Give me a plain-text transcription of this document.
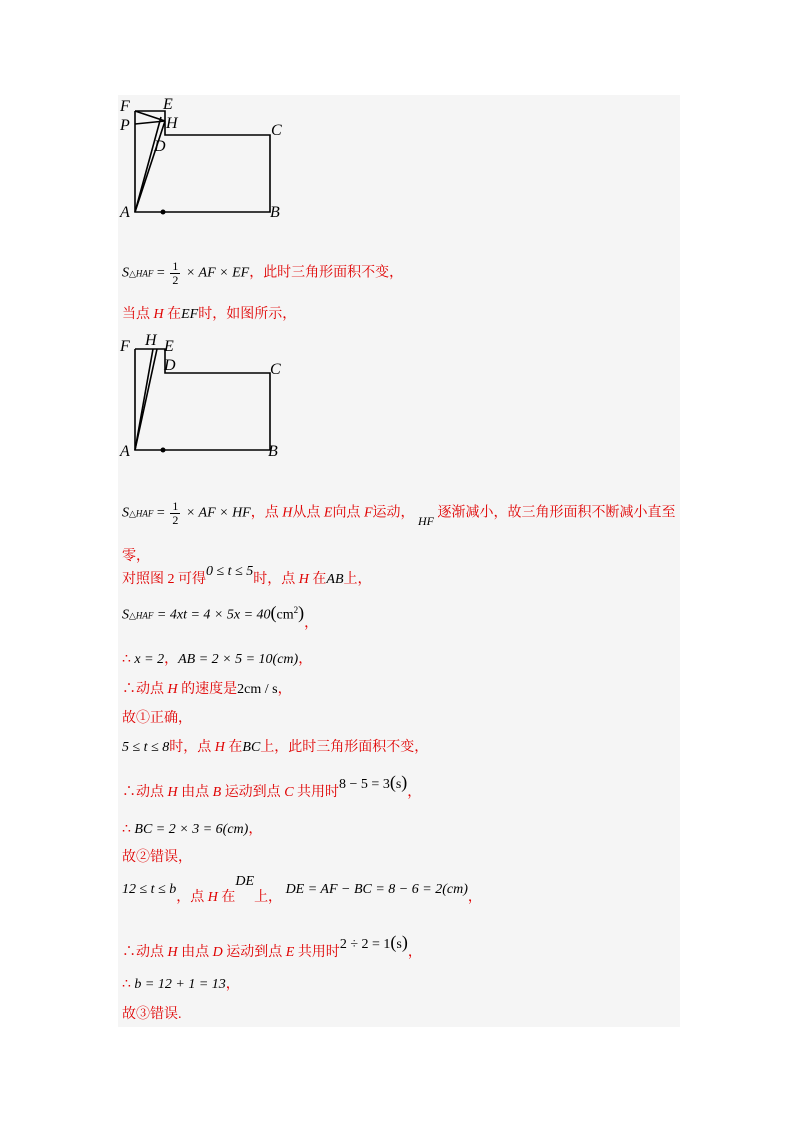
F E
P H
D
C
A	B
S△HAF = $\frac{1}{2}$ × AF × EF，此时三角形面积不变，
当点 H 在EF时，如图所示，
F H E
D	C
A	B
S△HAF = $\frac{1}{2}$ × AF × HF，点 H从点 E向点 F运动， HF 逐渐减小，故三角形面积不断减小直至
零，
对照图 2 可得0 ≤ t ≤ 5时，点 H 在AB上，
S△HAF = $4xt = 4 \times 5x = 40(cm^2)$，
∴ x = 2，AB = 2 × 5 = 10(cm)，
∴动点 H 的速度是2cm / s，
故①正确，
5 ≤ t ≤ 8时，点 H 在BC上，此时三角形面积不变，
∴动点 H 由点 B 运动到点 C 共用时8 − 5 = 3(s)，
∴ BC = 2 × 3 = 6(cm)，
故②错误，
12 ≤ t ≤ b，点 H 在DE上， DE = AF − BC = 8 − 6 = 2(cm)，
∴动点 H 由点 D 运动到点 E 共用时2 ÷ 2 = 1(s)，
∴ b = 12 + 1 = 13，
故③错误.
